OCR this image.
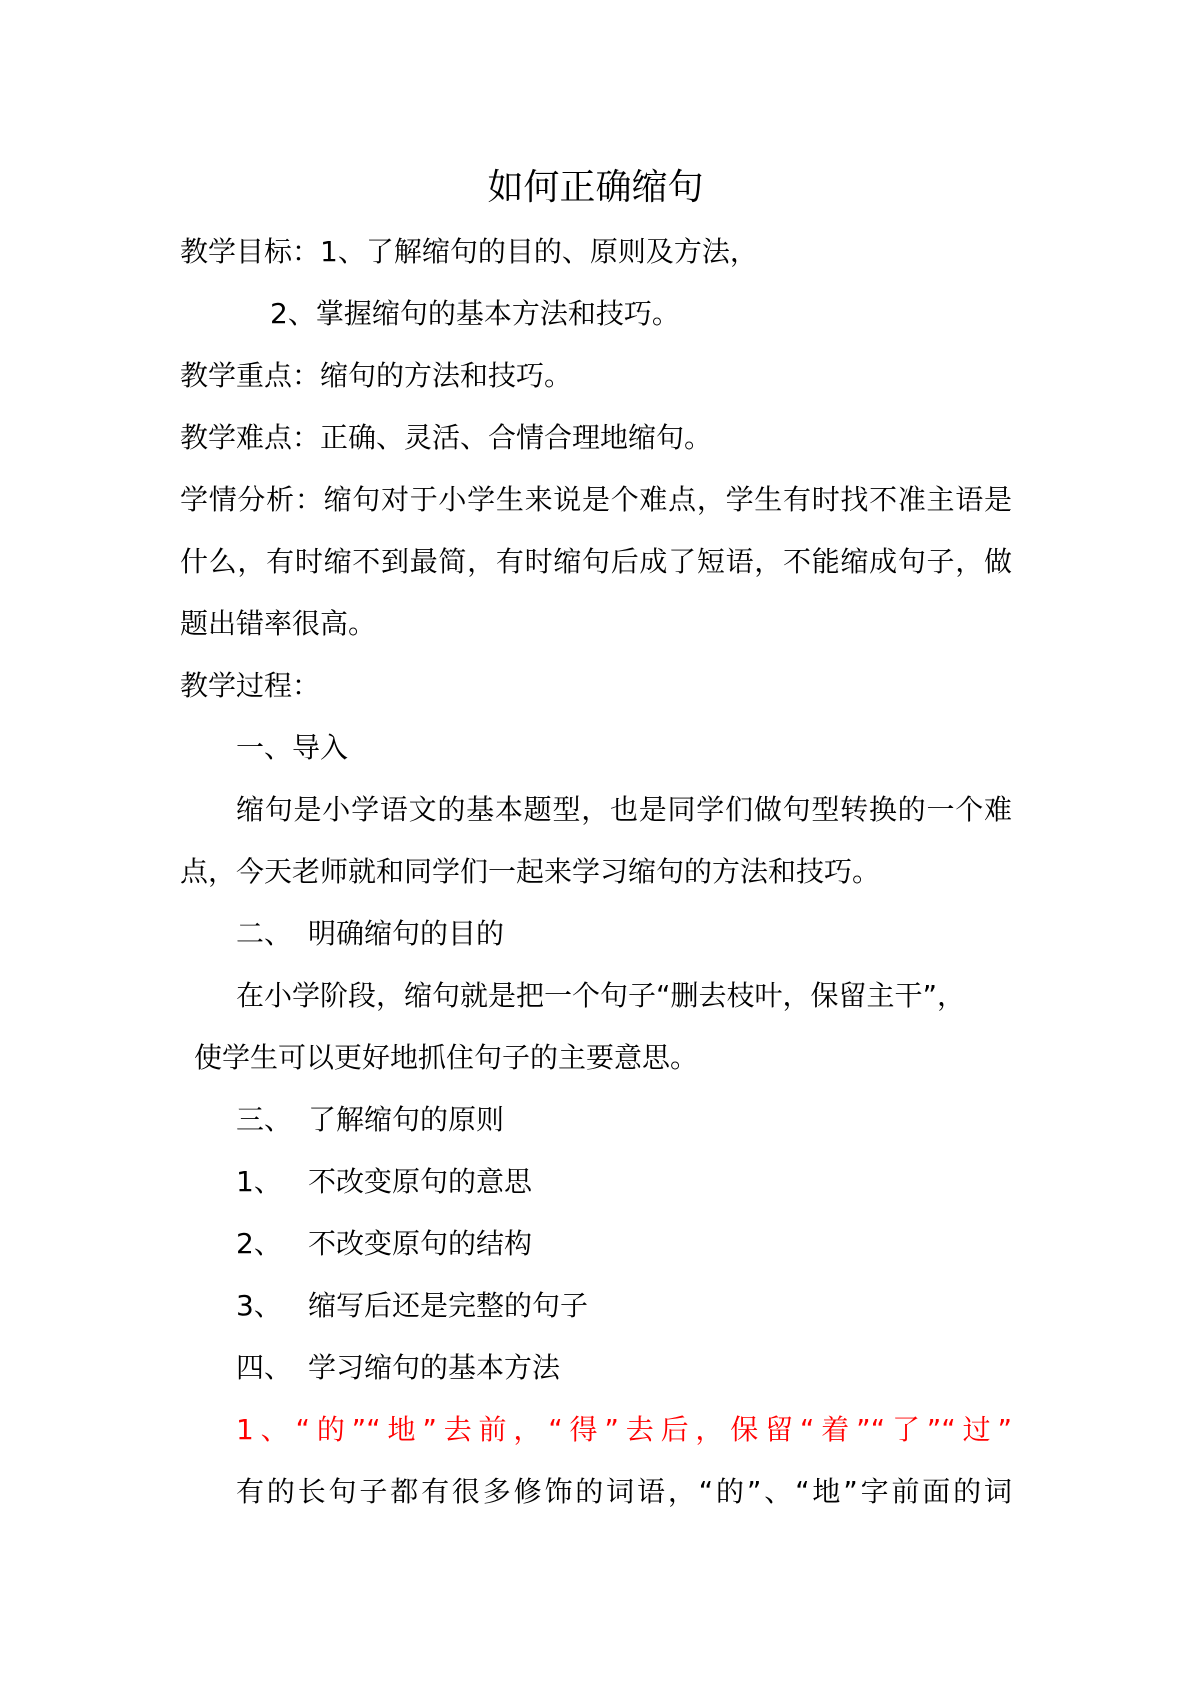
如何正确缩句
教学目标：1、了解缩句的目的、原则及方法，
2、掌握缩句的基本方法和技巧。
教学重点：缩句的方法和技巧。
教学难点：正确、灵活、合情合理地缩句。
学情分析：缩句对于小学生来说是个难点，学生有时找不准主语是
什么，有时缩不到最简，有时缩句后成了短语，不能缩成句子，做
题出错率很高。
教学过程：
一、导入
缩句是小学语文的基本题型，也是同学们做句型转换的一个难
点，今天老师就和同学们一起来学习缩句的方法和技巧。
二、 明确缩句的目的
在小学阶段，缩句就是把一个句子“删去枝叶，保留主干”，
使学生可以更好地抓住句子的主要意思。
三、 了解缩句的原则
1、 不改变原句的意思
2、 不改变原句的结构
3、 缩写后还是完整的句子
四、 学习缩句的基本方法
1、“的”“地”去前，“得”去后，保留“着”“了”“过”
有的长句子都有很多修饰的词语，“的”、“地”字前面的词
